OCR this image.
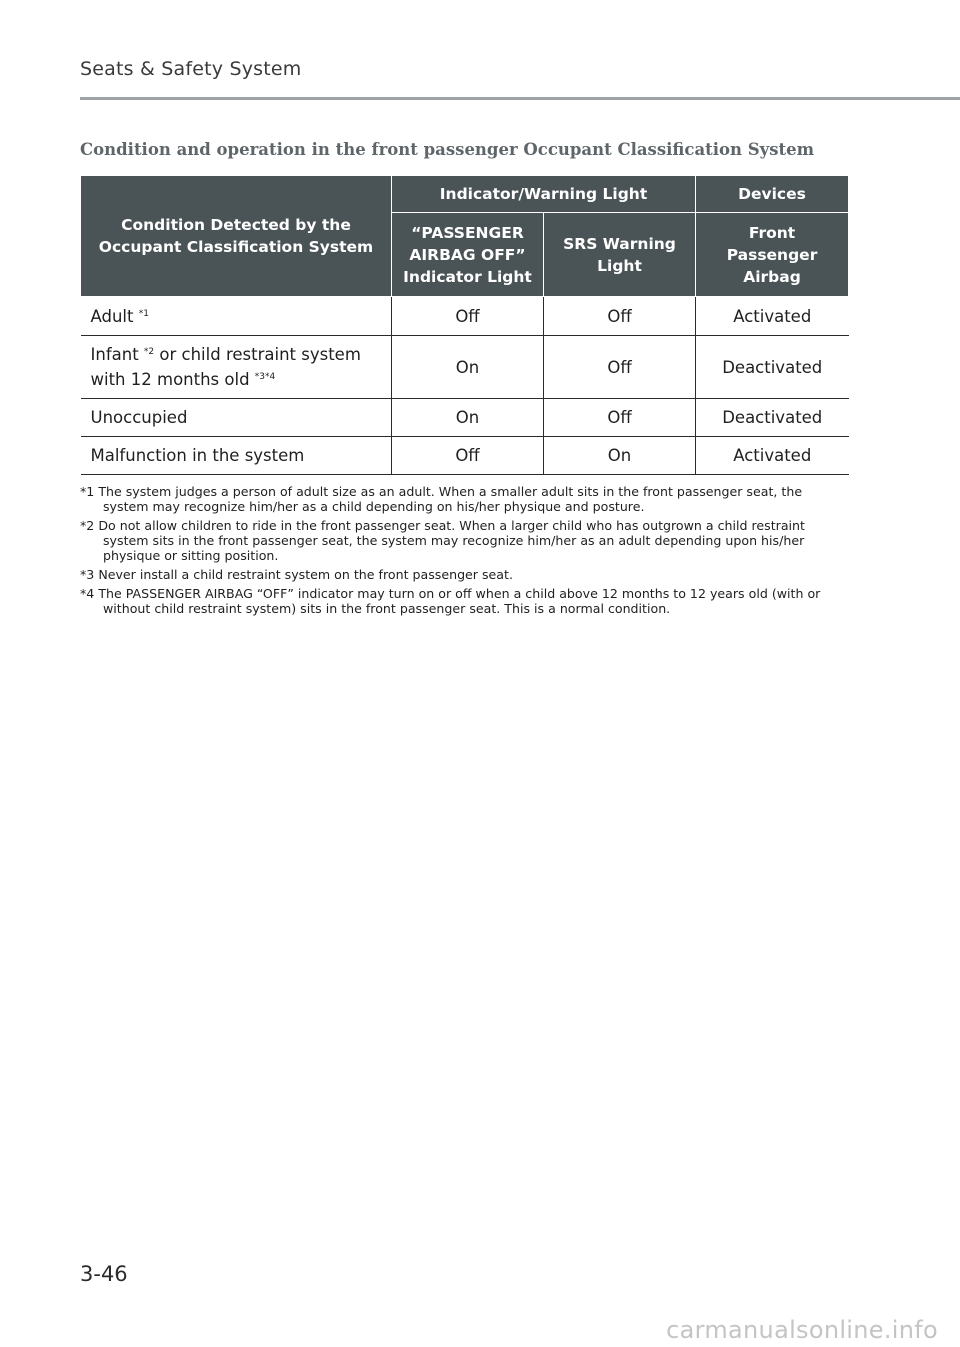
Seats & Safety System
Condition and operation in the front passenger Occupant Classification System
Condition Detected by the Occupant Classification System	Indicator/Warning Light		Devices
	“PASSENGER AIRBAG OFF” Indicator Light	SRS Warning Light	Front Passenger Airbag
Adult $^{*1}$	Off	Off	Activated
Infant $^{*2}$ or child restraint system
with 12 months old $^{*3*4}$	On	Off	Deactivated
Unoccupied	On	Off	Deactivated
Malfunction in the system	Off	On	Activated
*1 The system judges a person of adult size as an adult. When a smaller adult sits in the front passenger seat, the system may recognize him/her as a child depending on his/her physique and posture.
*2 Do not allow children to ride in the front passenger seat. When a larger child who has outgrown a child restraint system sits in the front passenger seat, the system may recognize him/her as an adult depending upon his/her physique or sitting position.
*3 Never install a child restraint system on the front passenger seat.
*4 The PASSENGER AIRBAG “OFF” indicator may turn on or off when a child above 12 months to 12 years old (with or without child restraint system) sits in the front passenger seat. This is a normal condition.
3-46
carmanualsonline.info
